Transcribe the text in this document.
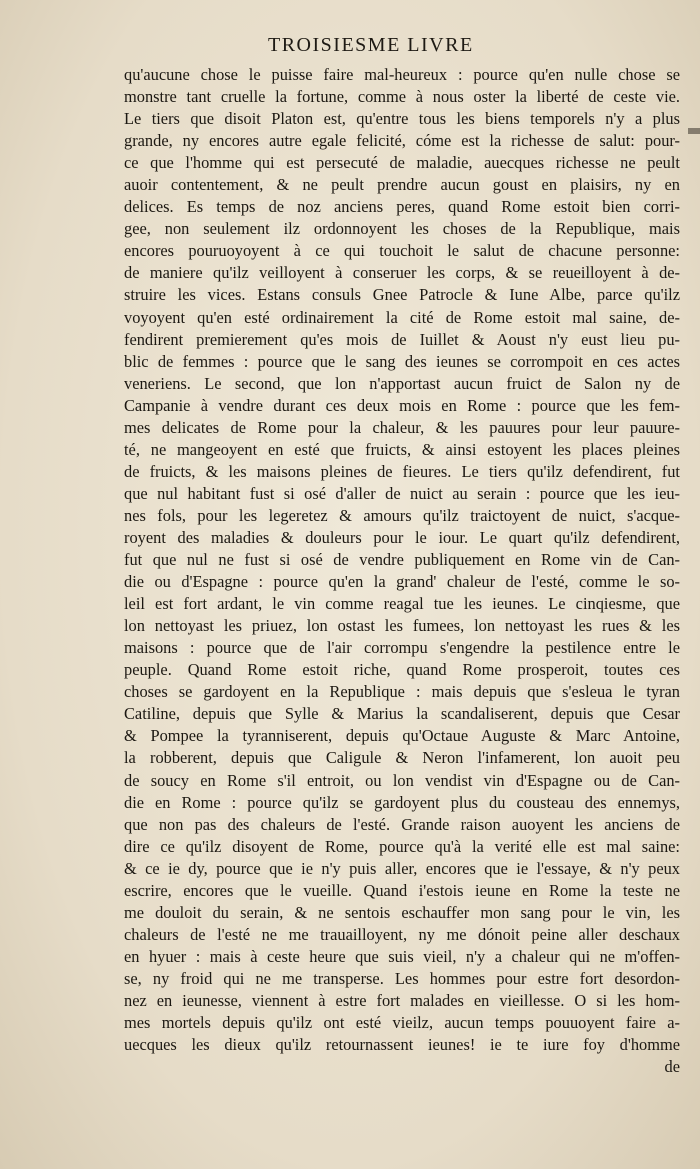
TROISIESME LIVRE
qu'aucune chose le puisse faire mal-heureux : pource qu'en nulle chose se
monstre tant cruelle la fortune, comme à nous oster la liberté de ceste vie.
Le tiers que disoit Platon est, qu'entre tous les biens temporels n'y a plus
grande, ny encores autre egale felicité, cóme est la richesse de salut: pour-
ce que l'homme qui est persecuté de maladie, auecques richesse ne peult
auoir contentement, & ne peult prendre aucun goust en plaisirs, ny en
delices. Es temps de noz anciens peres, quand Rome estoit bien corri-
gee, non seulement ilz ordonnoyent les choses de la Republique, mais
encores pouruoyoyent à ce qui touchoit le salut de chacune personne:
de maniere qu'ilz veilloyent à conseruer les corps, & se reueilloyent à de-
struire les vices. Estans consuls Gnee Patrocle & Iune Albe, parce qu'ilz
voyoyent qu'en esté ordinairement la cité de Rome estoit mal saine, de-
fendirent premierement qu'es mois de Iuillet & Aoust n'y eust lieu pu-
blic de femmes : pource que le sang des ieunes se corrompoit en ces actes
veneriens. Le second, que lon n'apportast aucun fruict de Salon ny de
Campanie à vendre durant ces deux mois en Rome : pource que les fem-
mes delicates de Rome pour la chaleur, & les pauures pour leur pauure-
té, ne mangeoyent en esté que fruicts, & ainsi estoyent les places pleines
de fruicts, & les maisons pleines de fieures. Le tiers qu'ilz defendirent, fut
que nul habitant fust si osé d'aller de nuict au serain : pource que les ieu-
nes fols, pour les legeretez & amours qu'ilz traictoyent de nuict, s'acque-
royent des maladies & douleurs pour le iour. Le quart qu'ilz defendirent,
fut que nul ne fust si osé de vendre publiquement en Rome vin de Can-
die ou d'Espagne : pource qu'en la grand' chaleur de l'esté, comme le so-
leil est fort ardant, le vin comme reagal tue les ieunes. Le cinqiesme, que
lon nettoyast les priuez, lon ostast les fumees, lon nettoyast les rues & les
maisons : pource que de l'air corrompu s'engendre la pestilence entre le
peuple. Quand Rome estoit riche, quand Rome prosperoit, toutes ces
choses se gardoyent en la Republique : mais depuis que s'esleua le tyran
Catiline, depuis que Sylle & Marius la scandaliserent, depuis que Cesar
& Pompee la tyranniserent, depuis qu'Octaue Auguste & Marc Antoine,
la robberent, depuis que Caligule & Neron l'infamerent, lon auoit peu
de soucy en Rome s'il entroit, ou lon vendist vin d'Espagne ou de Can-
die en Rome : pource qu'ilz se gardoyent plus du cousteau des ennemys,
que non pas des chaleurs de l'esté. Grande raison auoyent les anciens de
dire ce qu'ilz disoyent de Rome, pource qu'à la verité elle est mal saine:
& ce ie dy, pource que ie n'y puis aller, encores que ie l'essaye, & n'y peux
escrire, encores que le vueille. Quand i'estois ieune en Rome la teste ne
me douloit du serain, & ne sentois eschauffer mon sang pour le vin, les
chaleurs de l'esté ne me trauailloyent, ny me dónoit peine aller deschaux
en hyuer : mais à ceste heure que suis vieil, n'y a chaleur qui ne m'offen-
se, ny froid qui ne me transperse. Les hommes pour estre fort desordon-
nez en ieunesse, viennent à estre fort malades en vieillesse. O si les hom-
mes mortels depuis qu'ilz ont esté vieilz, aucun temps pouuoyent faire a-
uecques les dieux qu'ilz retournassent ieunes! ie te iure foy d'homme
de
